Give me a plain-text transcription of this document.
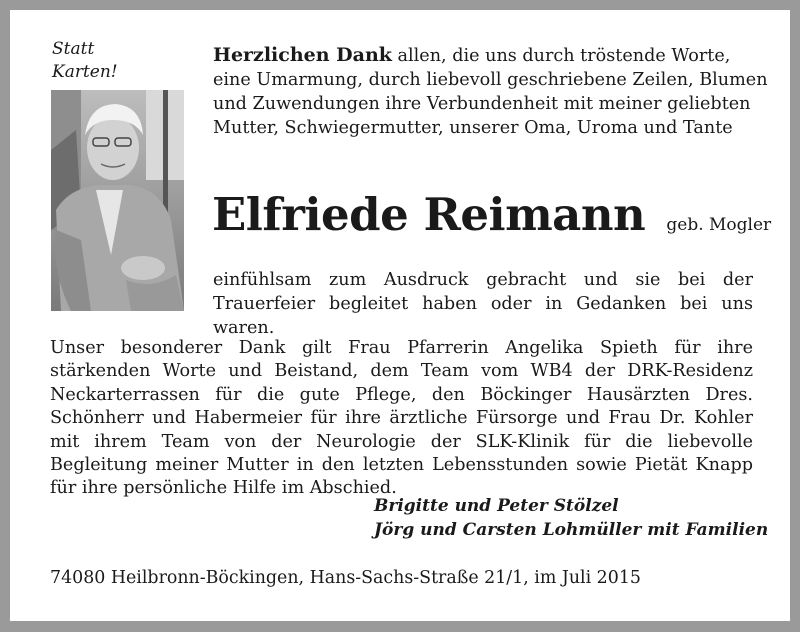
Statt
Karten!
Herzlichen Dank allen, die uns durch tröstende Worte, eine Umarmung, durch liebevoll geschriebene Zeilen, Blumen und Zuwendungen ihre Verbundenheit mit meiner geliebten Mutter, Schwiegermutter, unserer Oma, Uroma und Tante
Elfriede Reimann geb. Mogler
einfühlsam zum Ausdruck gebracht und sie bei der Trauerfeier begleitet haben oder in Gedanken bei uns waren.
Unser besonderer Dank gilt Frau Pfarrerin Angelika Spieth für ihre stärkenden Worte und Beistand, dem Team vom WB4 der DRK-Residenz Neckarterrassen für die gute Pflege, den Böckinger Hausärzten Dres. Schönherr und Habermeier für ihre ärztliche Fürsorge und Frau Dr. Kohler mit ihrem Team von der Neurologie der SLK-Klinik für die liebevolle Begleitung meiner Mutter in den letzten Lebensstunden sowie Pietät Knapp für ihre persönliche Hilfe im Abschied.
Brigitte und Peter Stölzel
Jörg und Carsten Lohmüller mit Familien
74080 Heilbronn-Böckingen, Hans-Sachs-Straße 21/1, im Juli 2015
